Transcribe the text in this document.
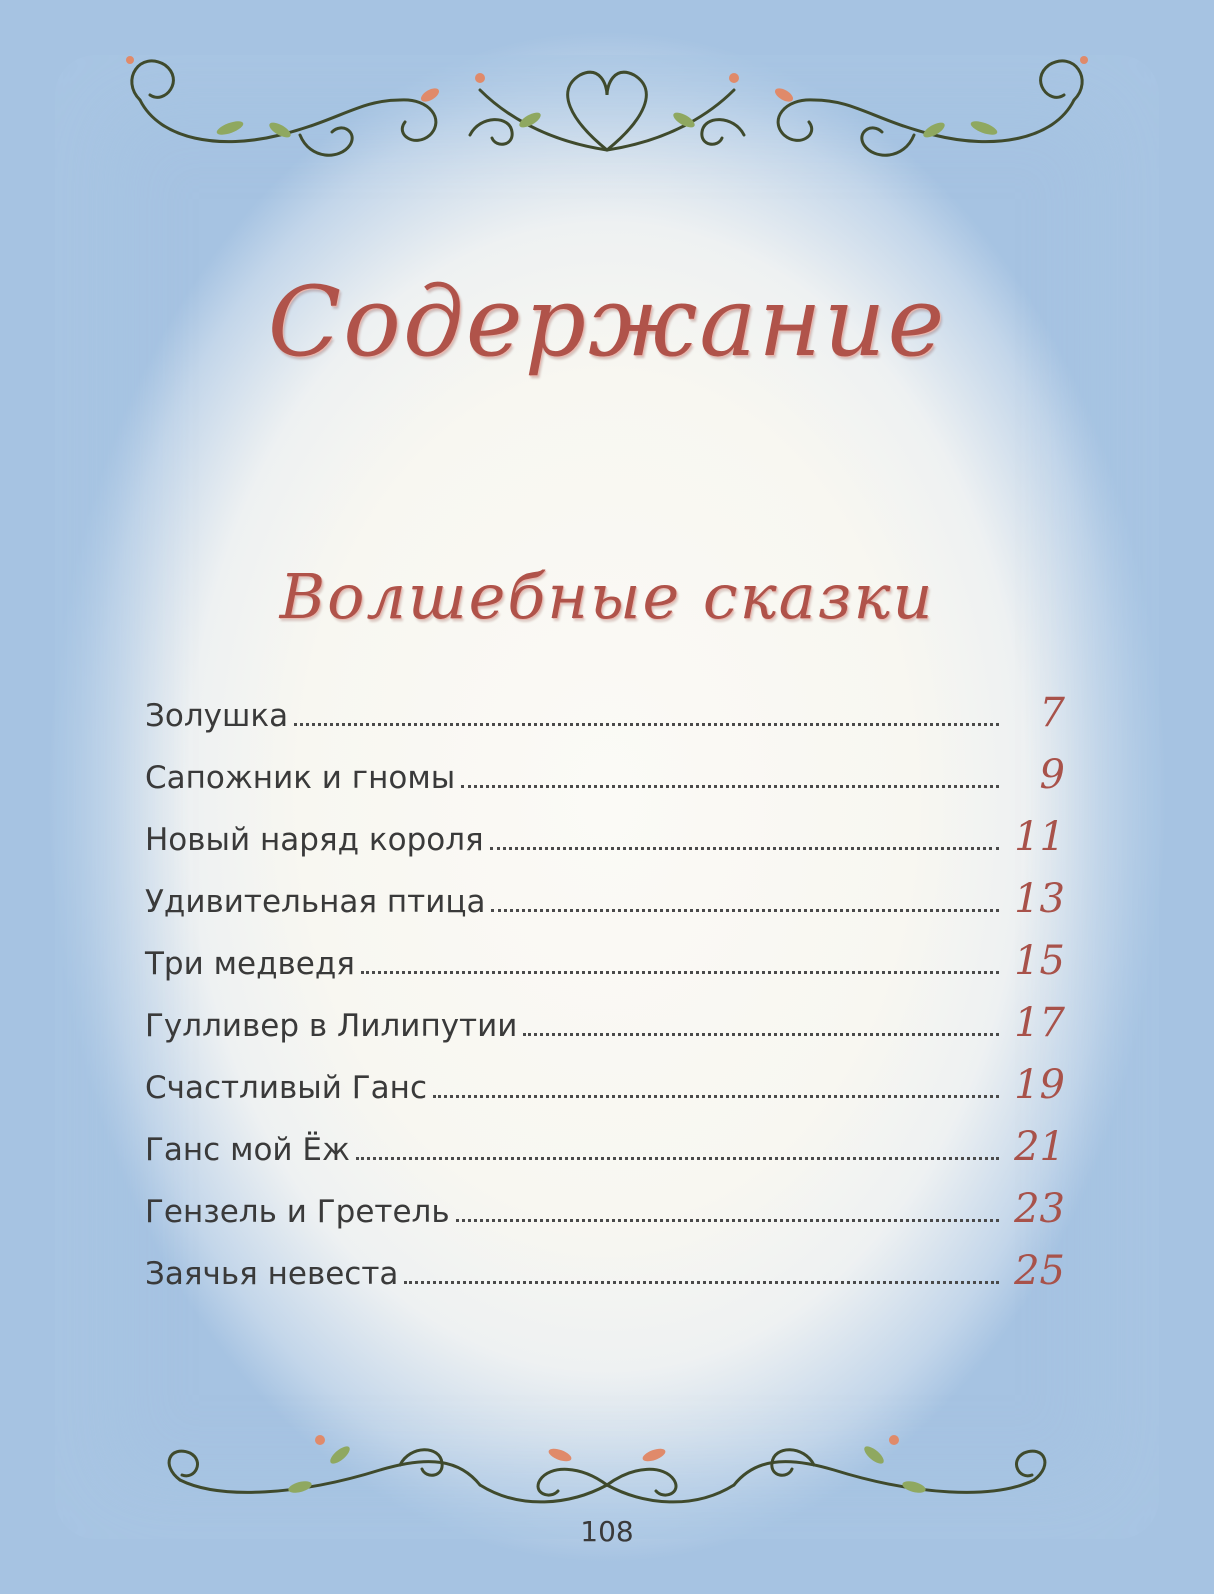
Содержание
Волшебные сказки
Золушка	7
Сапожник и гномы	9
Новый наряд короля	11
Удивительная птица	13
Три медведя	15
Гулливер в Лилипутии	17
Счастливый Ганс	19
Ганс мой Ёж	21
Гензель и Гретель	23
Заячья невеста	25
108
